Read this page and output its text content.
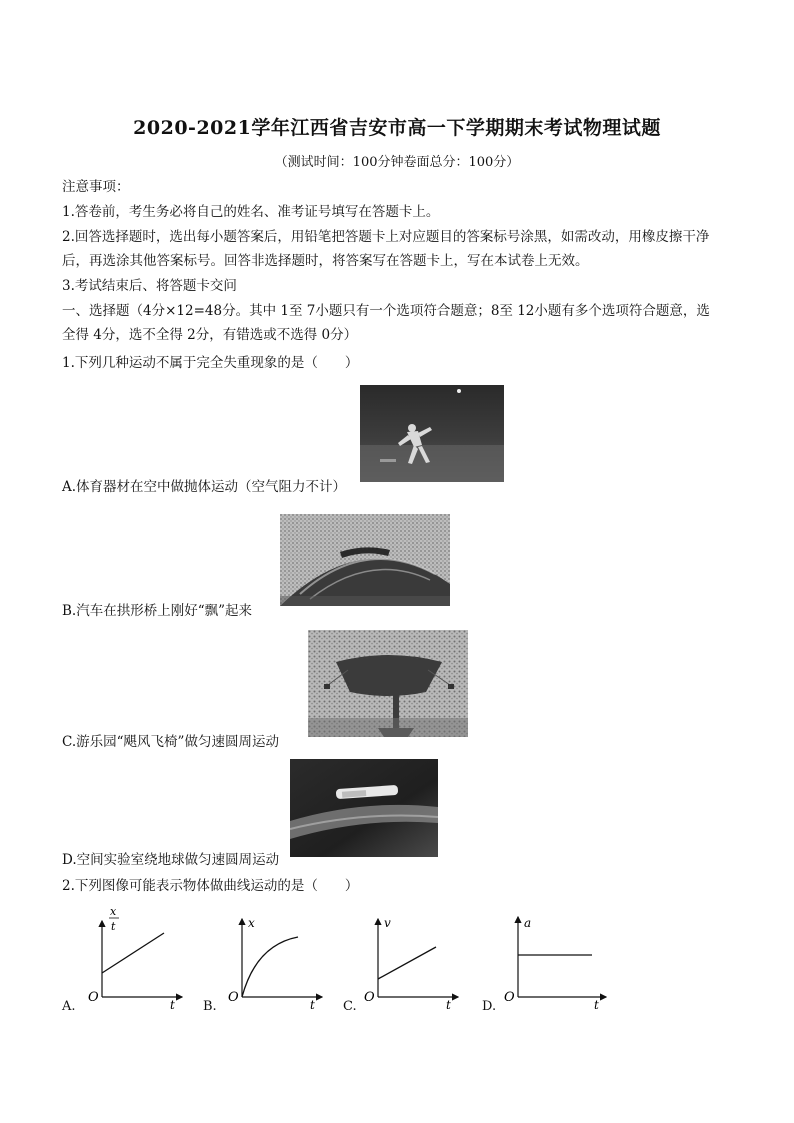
2020-2021学年江西省吉安市高一下学期期末考试物理试题
（测试时间：100分钟卷面总分：100分）
注意事项：
1.答卷前，考生务必将自己的姓名、准考证号填写在答题卡上。
2.回答选择题时，选出每小题答案后，用铅笔把答题卡上对应题目的答案标号涂黑，如需改动，用橡皮擦干净
后，再选涂其他答案标号。回答非选择题时，将答案写在答题卡上，写在本试卷上无效。
3.考试结束后、将答题卡交问
一、选择题（4分×12=48分。其中 1至 7小题只有一个选项符合题意；8至 12小题有多个选项符合题意，选
全得 4分，选不全得 2分，有错选或不选得 0分）
1.下列几种运动不属于完全失重现象的是（　　）
A.体育器材在空中做抛体运动（空气阻力不计）
B.汽车在拱形桥上刚好“飘”起来
C.游乐园“飓风飞椅”做匀速圆周运动
D.空间实验室绕地球做匀速圆周运动
2.下列图像可能表示物体做曲线运动的是（　　）
x
t
O	t
A.
x
O	t
B.
v
O	t
C.
a
O	t
D.
